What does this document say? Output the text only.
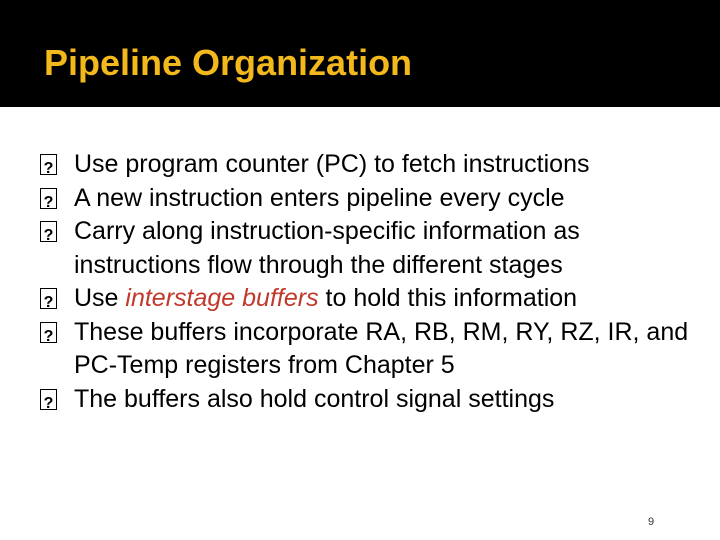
Pipeline Organization
?
Use program counter (PC) to fetch instructions
?
A new instruction enters pipeline every cycle
?
Carry along instruction-specific information as instructions flow through the different stages
?
Use interstage buffers to hold this information
?
These buffers incorporate RA, RB, RM, RY, RZ, IR, and PC-Temp registers from Chapter 5
?
The buffers also hold control signal settings
9
